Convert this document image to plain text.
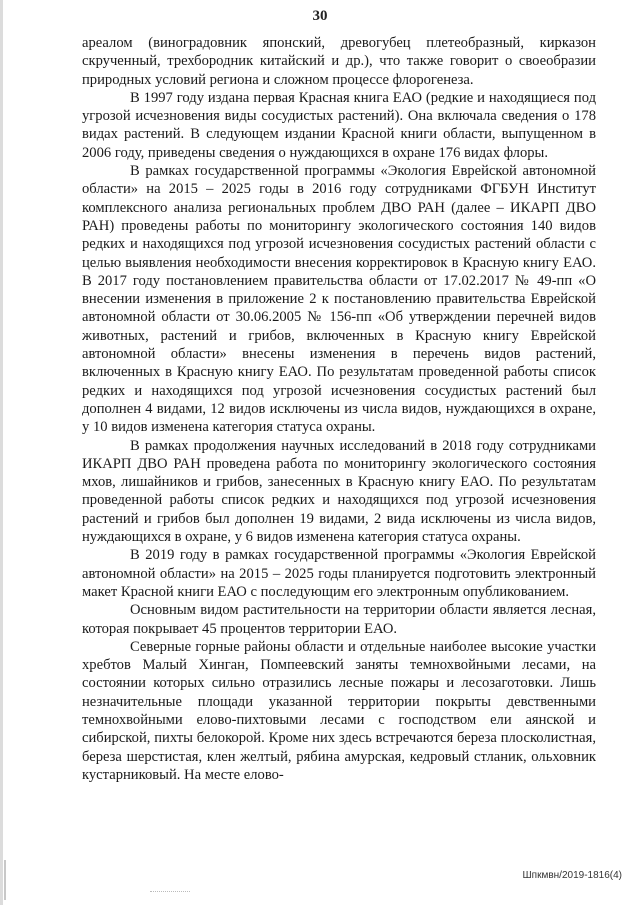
30

ареалом (виноградовник японский, древогубец плетеобразный, кирказон скрученный, трехбородник китайский и др.), что также говорит о своеобразии природных условий региона и сложном процессе флорогенеза.

В 1997 году издана первая Красная книга ЕАО (редкие и находящиеся под угрозой исчезновения виды сосудистых растений). Она включала сведения о 178 видах растений. В следующем издании Красной книги области, выпущенном в 2006 году, приведены сведения о нуждающихся в охране 176 видах флоры.

В рамках государственной программы «Экология Еврейской автономной области» на 2015 – 2025 годы в 2016 году сотрудниками ФГБУН Институт комплексного анализа региональных проблем ДВО РАН (далее – ИКАРП ДВО РАН) проведены работы по мониторингу экологического состояния 140 видов редких и находящихся под угрозой исчезновения сосудистых растений области с целью выявления необходимости внесения корректировок в Красную книгу ЕАО. В 2017 году постановлением правительства области от 17.02.2017 № 49-пп «О внесении изменения в приложение 2 к постановлению правительства Еврейской автономной области от 30.06.2005 № 156-пп «Об утверждении перечней видов животных, растений и грибов, включенных в Красную книгу Еврейской автономной области» внесены изменения в перечень видов растений, включенных в Красную книгу ЕАО. По результатам проведенной работы список редких и находящихся под угрозой исчезновения сосудистых растений был дополнен 4 видами, 12 видов исключены из числа видов, нуждающихся в охране, у 10 видов изменена категория статуса охраны.

В рамках продолжения научных исследований в 2018 году сотрудниками ИКАРП ДВО РАН проведена работа по мониторингу экологического состояния мхов, лишайников и грибов, занесенных в Красную книгу ЕАО. По результатам проведенной работы список редких и находящихся под угрозой исчезновения растений и грибов был дополнен 19 видами, 2 вида исключены из числа видов, нуждающихся в охране, у 6 видов изменена категория статуса охраны.

В 2019 году в рамках государственной программы «Экология Еврейской автономной области» на 2015 – 2025 годы планируется подготовить электронный макет Красной книги ЕАО с последующим его электронным опубликованием.

Основным видом растительности на территории области является лесная, которая покрывает 45 процентов территории ЕАО.

Северные горные районы области и отдельные наиболее высокие участки хребтов Малый Хинган, Помпеевский заняты темнохвойными лесами, на состоянии которых сильно отразились лесные пожары и лесозаготовки. Лишь незначительные площади указанной территории покрыты девственными темнохвойными елово-пихтовыми лесами с господством ели аянской и сибирской, пихты белокорой. Кроме них здесь встречаются береза плосколистная, береза шерстистая, клен желтый, рябина амурская, кедровый стланик, ольховник кустарниковый. На месте елово-

Шпкмвн/2019-1816(4)
